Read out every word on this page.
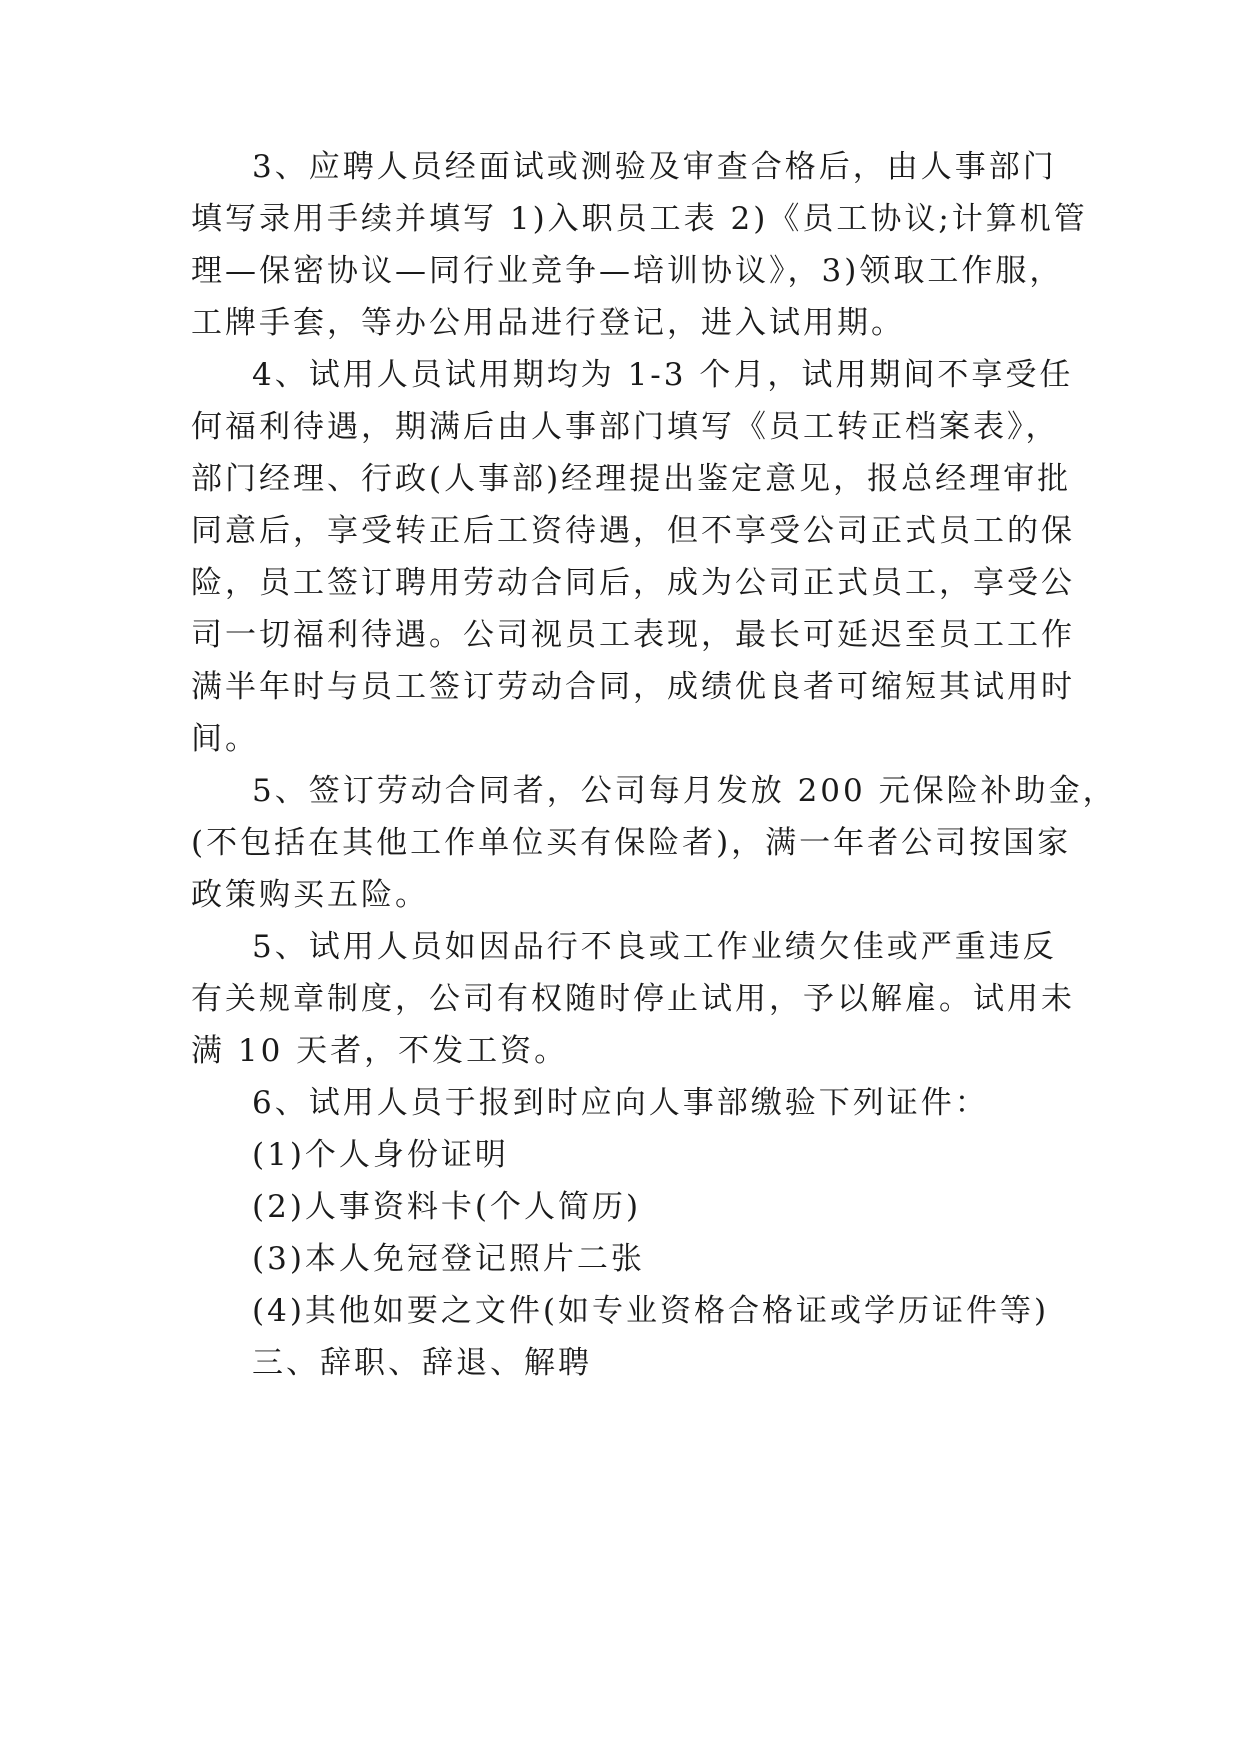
3、应聘人员经面试或测验及审查合格后，由人事部门

填写录用手续并填写 1)入职员工表 2)《员工协议;计算机管

理—保密协议—同行业竞争—培训协议》，3)领取工作服，

工牌手套，等办公用品进行登记，进入试用期。

4、试用人员试用期均为 1-3 个月，试用期间不享受任

何福利待遇，期满后由人事部门填写《员工转正档案表》，

部门经理、行政(人事部)经理提出鉴定意见，报总经理审批

同意后，享受转正后工资待遇，但不享受公司正式员工的保

险，员工签订聘用劳动合同后，成为公司正式员工，享受公

司一切福利待遇。公司视员工表现，最长可延迟至员工工作

满半年时与员工签订劳动合同，成绩优良者可缩短其试用时

间。

5、签订劳动合同者，公司每月发放 200 元保险补助金，

(不包括在其他工作单位买有保险者)，满一年者公司按国家

政策购买五险。

5、试用人员如因品行不良或工作业绩欠佳或严重违反

有关规章制度，公司有权随时停止试用，予以解雇。试用未

满 10 天者，不发工资。

6、试用人员于报到时应向人事部缴验下列证件：

(1)个人身份证明

(2)人事资料卡(个人简历)

(3)本人免冠登记照片二张

(4)其他如要之文件(如专业资格合格证或学历证件等)

三、辞职、辞退、解聘
